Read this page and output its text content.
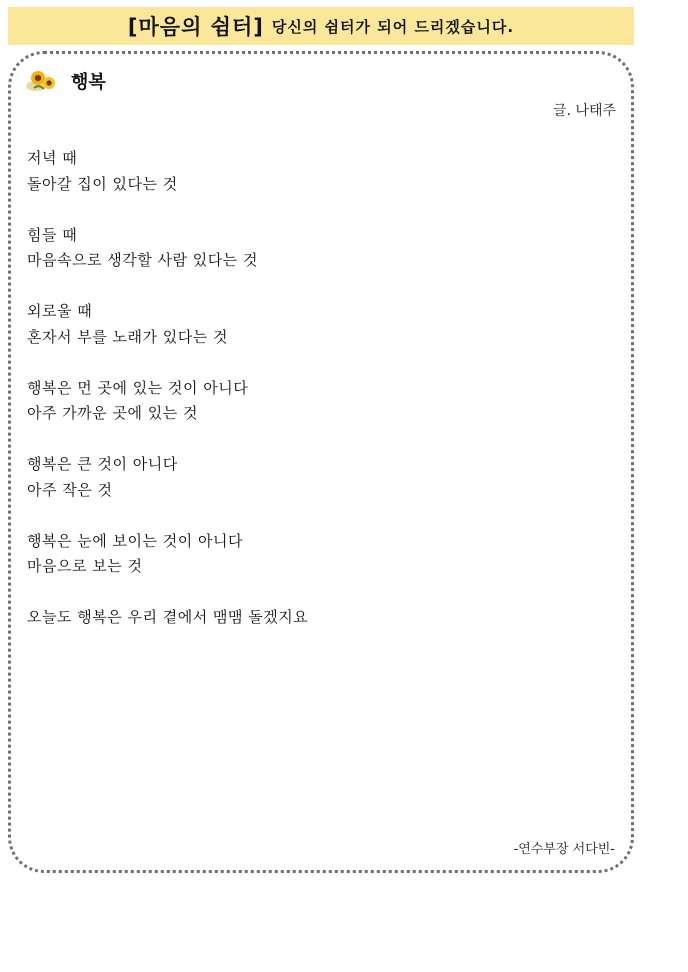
[마음의 쉼터] 당신의 쉼터가 되어 드리겠습니다.
행복
글. 나태주
저녁 때
돌아갈 집이 있다는 것
힘들 때
마음속으로 생각할 사람 있다는 것
외로울 때
혼자서 부를 노래가 있다는 것
행복은 먼 곳에 있는 것이 아니다
아주 가까운 곳에 있는 것
행복은 큰 것이 아니다
아주 작은 것
행복은 눈에 보이는 것이 아니다
마음으로 보는 것
오늘도 행복은 우리 곁에서 맴맴 돌겠지요
-연수부장 서다빈-
